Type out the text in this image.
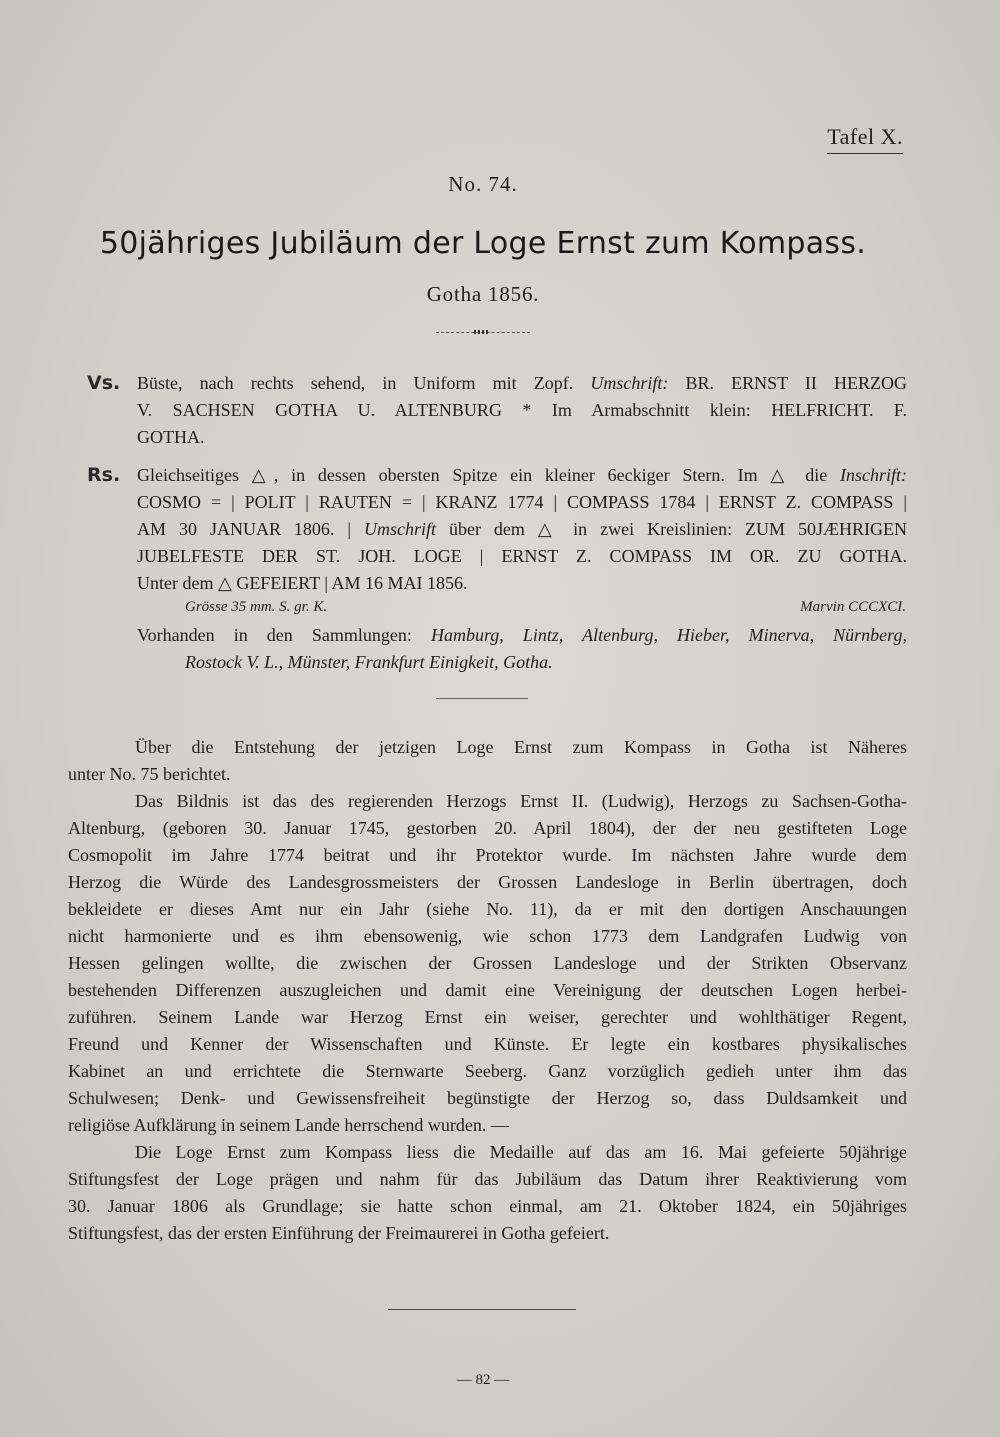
Tafel X.
No. 74.
50jähriges Jubiläum der Loge Ernst zum Kompass.
Gotha 1856.
Vs. Büste, nach rechts sehend, in Uniform mit Zopf. Umschrift: BR. ERNST II HERZOG
V. SACHSEN GOTHA U. ALTENBURG * Im Armabschnitt klein: HELFRICHT. F.
GOTHA.
Rs. Gleichseitiges △, in dessen obersten Spitze ein kleiner 6eckiger Stern. Im △ die Inschrift:
COSMO = | POLIT | RAUTEN = | KRANZ 1774 | COMPASS 1784 | ERNST Z. COMPASS |
AM 30 JANUAR 1806. | Umschrift über dem △ in zwei Kreislinien: ZUM 50JÆHRIGEN
JUBELFESTE DER ST. JOH. LOGE | ERNST Z. COMPASS IM OR. ZU GOTHA.
Unter dem △ GEFEIERT | AM 16 MAI 1856.
Grösse 35 mm. S. gr. K.	Marvin CCCXCI.
Vorhanden in den Sammlungen: Hamburg, Lintz, Altenburg, Hieber, Minerva, Nürnberg,
Rostock V. L., Münster, Frankfurt Einigkeit, Gotha.
Über die Entstehung der jetzigen Loge Ernst zum Kompass in Gotha ist Näheres
unter No. 75 berichtet.
Das Bildnis ist das des regierenden Herzogs Ernst II. (Ludwig), Herzogs zu Sachsen-Gotha-
Altenburg, (geboren 30. Januar 1745, gestorben 20. April 1804), der der neu gestifteten Loge
Cosmopolit im Jahre 1774 beitrat und ihr Protektor wurde. Im nächsten Jahre wurde dem
Herzog die Würde des Landesgrossmeisters der Grossen Landesloge in Berlin übertragen, doch
bekleidete er dieses Amt nur ein Jahr (siehe No. 11), da er mit den dortigen Anschauungen
nicht harmonierte und es ihm ebensowenig, wie schon 1773 dem Landgrafen Ludwig von
Hessen gelingen wollte, die zwischen der Grossen Landesloge und der Strikten Observanz
bestehenden Differenzen auszugleichen und damit eine Vereinigung der deutschen Logen herbei-
zuführen. Seinem Lande war Herzog Ernst ein weiser, gerechter und wohlthätiger Regent,
Freund und Kenner der Wissenschaften und Künste. Er legte ein kostbares physikalisches
Kabinet an und errichtete die Sternwarte Seeberg. Ganz vorzüglich gedieh unter ihm das
Schulwesen; Denk- und Gewissensfreiheit begünstigte der Herzog so, dass Duldsamkeit und
religiöse Aufklärung in seinem Lande herrschend wurden. —
Die Loge Ernst zum Kompass liess die Medaille auf das am 16. Mai gefeierte 50jährige
Stiftungsfest der Loge prägen und nahm für das Jubiläum das Datum ihrer Reaktivierung vom
30. Januar 1806 als Grundlage; sie hatte schon einmal, am 21. Oktober 1824, ein 50jähriges
Stiftungsfest, das der ersten Einführung der Freimaurerei in Gotha gefeiert.
— 82 —
